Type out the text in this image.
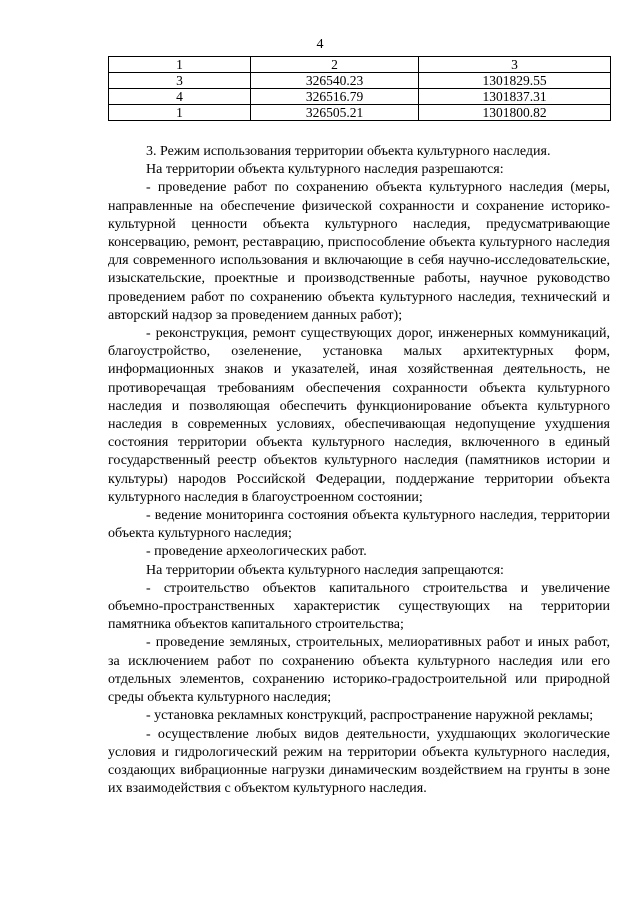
4
1	2	3
3	326540.23	1301829.55
4	326516.79	1301837.31
1	326505.21	1301800.82

3. Режим использования территории объекта культурного наследия.

На территории объекта культурного наследия разрешаются:

- проведение работ по сохранению объекта культурного наследия (меры, направленные на обеспечение физической сохранности и сохранение историко-культурной ценности объекта культурного наследия, предусматривающие консервацию, ремонт, реставрацию, приспособление объекта культурного наследия для современного использования и включающие в себя научно-исследовательские, изыскательские, проектные и производственные работы, научное руководство проведением работ по сохранению объекта культурного наследия, технический и авторский надзор за проведением данных работ);

- реконструкция, ремонт существующих дорог, инженерных коммуникаций, благоустройство, озеленение, установка малых архитектурных форм, информационных знаков и указателей, иная хозяйственная деятельность, не противоречащая требованиям обеспечения сохранности объекта культурного наследия и позволяющая обеспечить функционирование объекта культурного наследия в современных условиях, обеспечивающая недопущение ухудшения состояния территории объекта культурного наследия, включенного в единый государственный реестр объектов культурного наследия (памятников истории и культуры) народов Российской Федерации, поддержание территории объекта культурного наследия в благоустроенном состоянии;

- ведение мониторинга состояния объекта культурного наследия, территории объекта культурного наследия;

- проведение археологических работ.

На территории объекта культурного наследия запрещаются:

- строительство объектов капитального строительства и увеличение объемно-пространственных характеристик существующих на территории памятника объектов капитального строительства;

- проведение земляных, строительных, мелиоративных работ и иных работ, за исключением работ по сохранению объекта культурного наследия или его отдельных элементов, сохранению историко-градостроительной или природной среды объекта культурного наследия;

- установка рекламных конструкций, распространение наружной рекламы;

- осуществление любых видов деятельности, ухудшающих экологические условия и гидрологический режим на территории объекта культурного наследия, создающих вибрационные нагрузки динамическим воздействием на грунты в зоне их взаимодействия с объектом культурного наследия.
